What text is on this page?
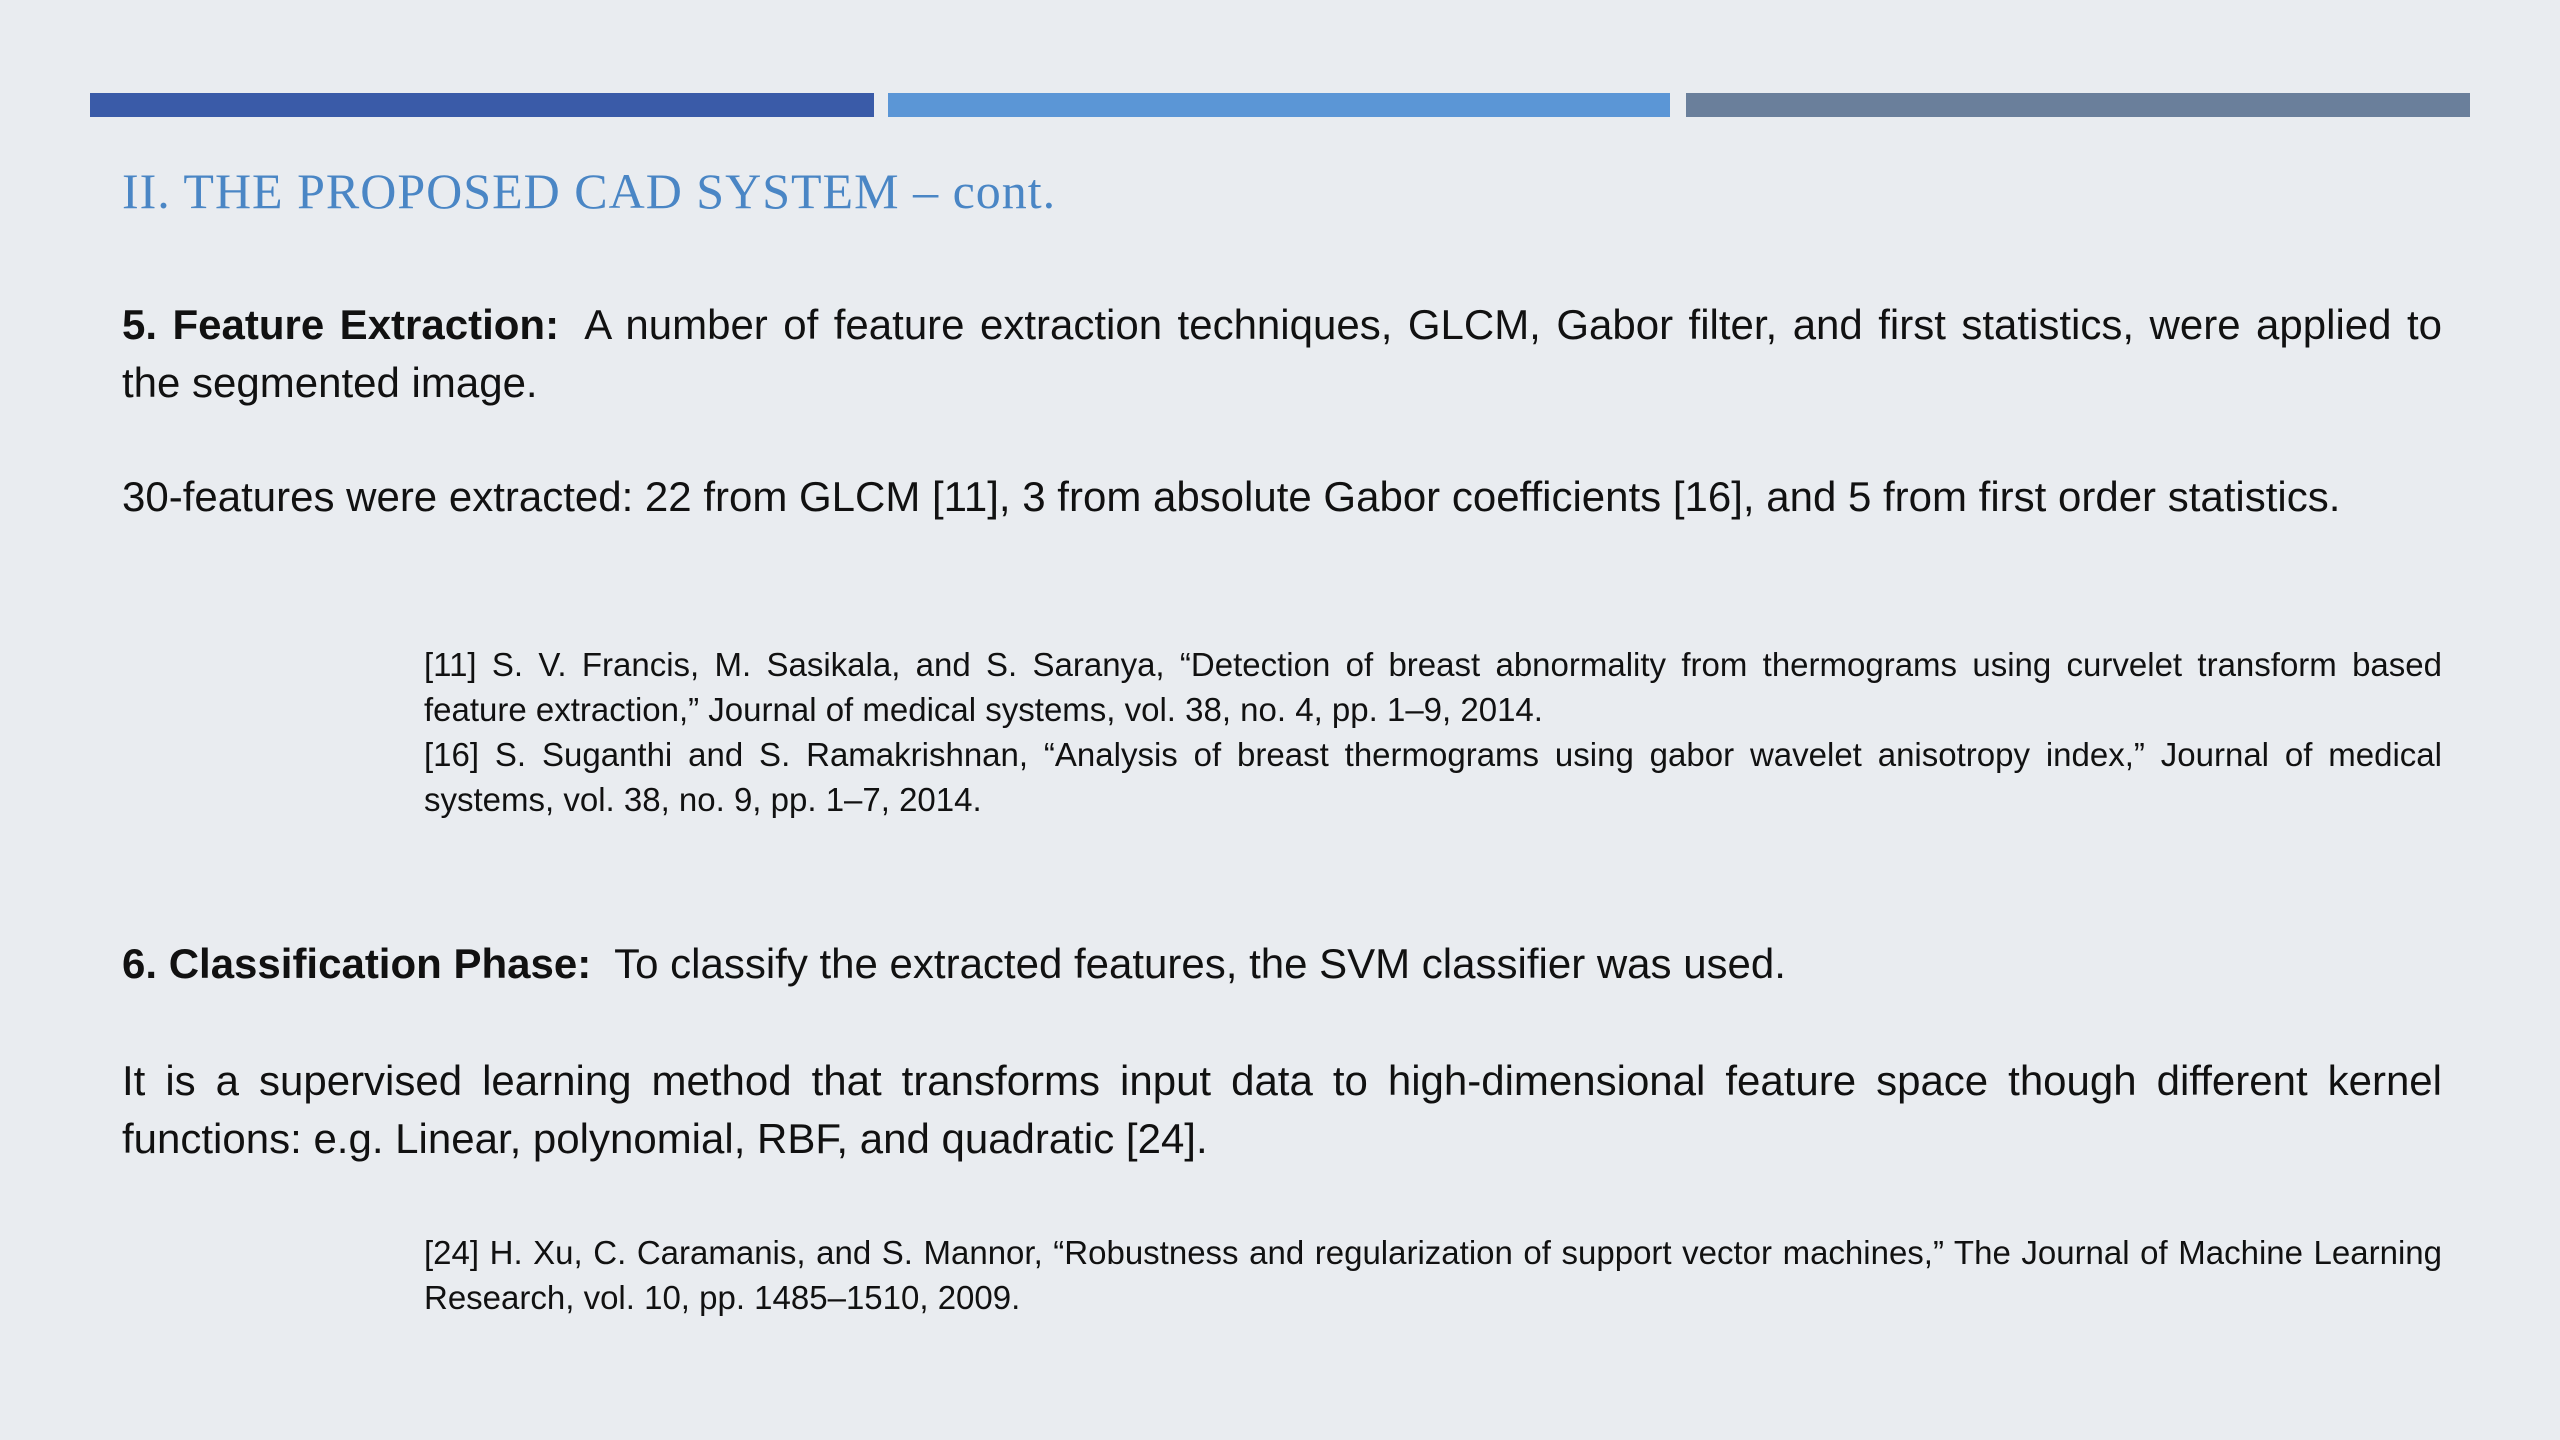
II. THE PROPOSED CAD SYSTEM – cont.
5. Feature Extraction: A number of feature extraction techniques, GLCM, Gabor filter, and first statistics, were applied to the segmented image.
30-features were extracted: 22 from GLCM [11], 3 from absolute Gabor coefficients [16], and 5 from first order statistics.
[11] S. V. Francis, M. Sasikala, and S. Saranya, “Detection of breast abnormality from thermograms using curvelet transform based feature extraction,” Journal of medical systems, vol. 38, no. 4, pp. 1–9, 2014.
[16] S. Suganthi and S. Ramakrishnan, “Analysis of breast thermograms using gabor wavelet anisotropy index,” Journal of medical systems, vol. 38, no. 9, pp. 1–7, 2014.
6. Classification Phase: To classify the extracted features, the SVM classifier was used.
It is a supervised learning method that transforms input data to high-dimensional feature space though different kernel functions: e.g. Linear, polynomial, RBF, and quadratic [24].
[24] H. Xu, C. Caramanis, and S. Mannor, “Robustness and regularization of support vector machines,” The Journal of Machine Learning Research, vol. 10, pp. 1485–1510, 2009.
